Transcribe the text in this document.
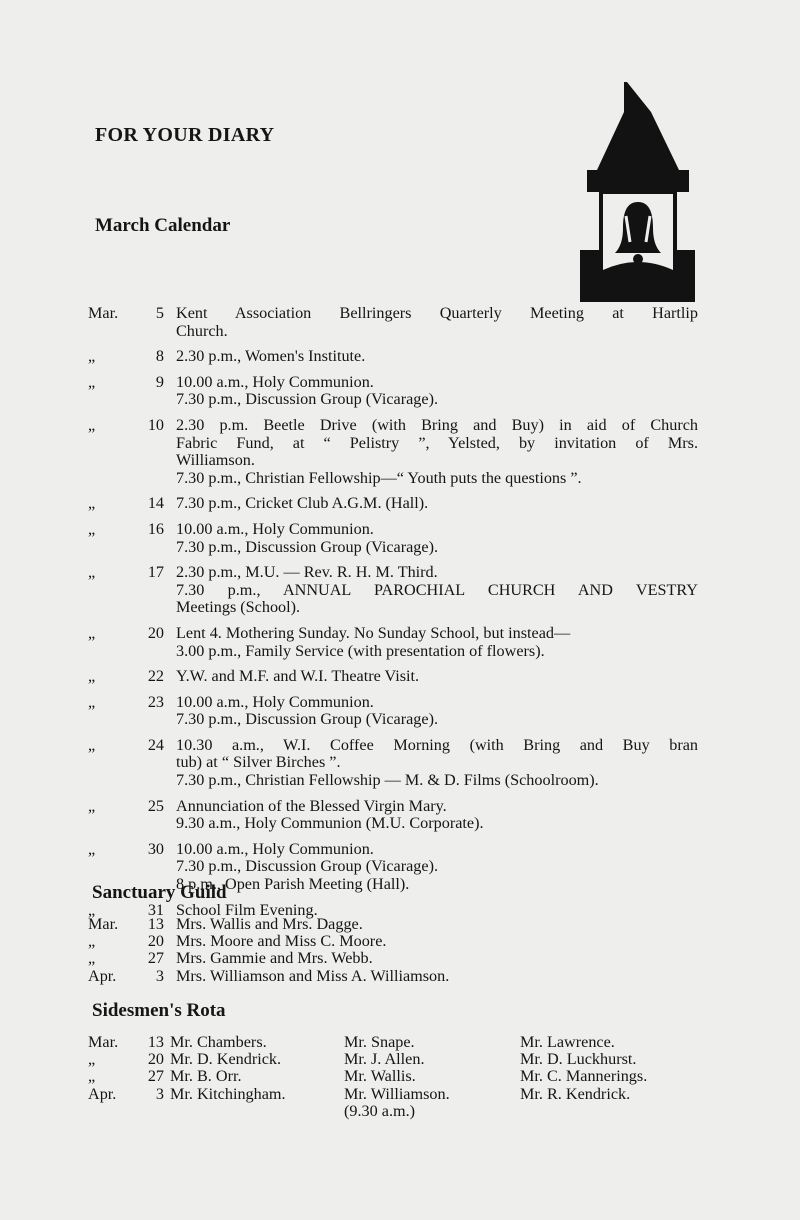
FOR YOUR DIARY
March Calendar
Mar.	5 Kent Association Bellringers Quarterly Meeting at Hartlip
Church.
„	8 2.30 p.m., Women's Institute.
„	9 10.00 a.m., Holy Communion.
7.30 p.m., Discussion Group (Vicarage).
„	10 2.30 p.m. Beetle Drive (with Bring and Buy) in aid of Church
Fabric Fund, at “ Pelistry ”, Yelsted, by invitation of Mrs.
Williamson.
7.30 p.m., Christian Fellowship—“ Youth puts the questions ”.
„	14 7.30 p.m., Cricket Club A.G.M. (Hall).
„	16 10.00 a.m., Holy Communion.
7.30 p.m., Discussion Group (Vicarage).
„	17 2.30 p.m., M.U. — Rev. R. H. M. Third.
7.30 p.m., ANNUAL PAROCHIAL CHURCH AND VESTRY
Meetings (School).
„	20 Lent 4. Mothering Sunday. No Sunday School, but instead—
3.00 p.m., Family Service (with presentation of flowers).
„	22 Y.W. and M.F. and W.I. Theatre Visit.
„	23 10.00 a.m., Holy Communion.
7.30 p.m., Discussion Group (Vicarage).
„	24 10.30 a.m., W.I. Coffee Morning (with Bring and Buy bran
tub) at “ Silver Birches ”.
7.30 p.m., Christian Fellowship — M. & D. Films (Schoolroom).
„	25 Annunciation of the Blessed Virgin Mary.
9.30 a.m., Holy Communion (M.U. Corporate).
„	30 10.00 a.m., Holy Communion.
7.30 p.m., Discussion Group (Vicarage).
8 p.m., Open Parish Meeting (Hall).
„	31 School Film Evening.
Sanctuary Guild
Mar.	13 Mrs. Wallis and Mrs. Dagge.
„	20 Mrs. Moore and Miss C. Moore.
„	27 Mrs. Gammie and Mrs. Webb.
Apr.	3 Mrs. Williamson and Miss A. Williamson.
Sidesmen's Rota
Mar.	13 Mr. Chambers.	Mr. Snape.	Mr. Lawrence.
„	20 Mr. D. Kendrick.	Mr. J. Allen.	Mr. D. Luckhurst.
„	27 Mr. B. Orr.	Mr. Wallis.	Mr. C. Mannerings.
Apr.	3 Mr. Kitchingham.	Mr. Williamson.	Mr. R. Kendrick.
(9.30 a.m.)
